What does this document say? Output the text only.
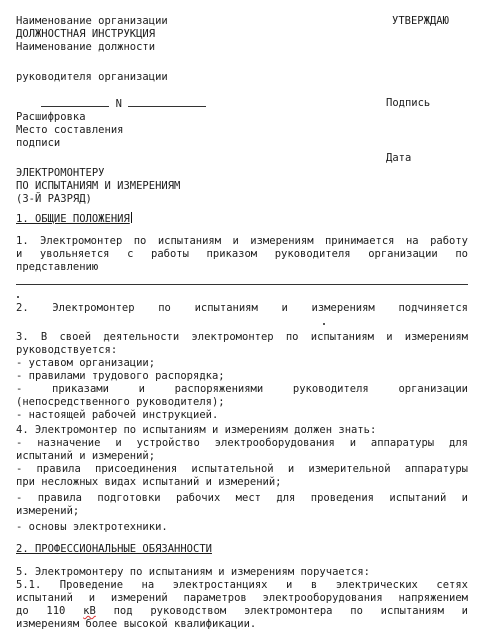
Наименование организации	УТВЕРЖДАЮ
ДОЛЖНОСТНАЯ ИНСТРУКЦИЯ
Наименование должности
руководителя организации

N
	Подпись
Расшифровка
Место составления
подписи
Дата
ЭЛЕКТРОМОНТЕРУ
ПО ИСПЫТАНИЯМ И ИЗМЕРЕНИЯМ
(3-Й РАЗРЯД)
1. ОБЩИЕ ПОЛОЖЕНИЯ
1. Электромонтер по испытаниям и измерениям принимается на работу
и увольняется с работы приказом руководителя организации по
представлению
2. Электромонтер по испытаниям и измерениям подчиняется
3. В своей деятельности электромонтер по испытаниям и измерениям
руководствуется:
- уставом организации;
- правилами трудового распорядка;
- приказами и распоряжениями руководителя организации
(непосредственного руководителя);
- настоящей рабочей инструкцией.
4. Электромонтер по испытаниям и измерениям должен знать:
- назначение и устройство электрооборудования и аппаратуры для
испытаний и измерений;
- правила присоединения испытательной и измерительной аппаратуры
при несложных видах испытаний и измерений;
- правила подготовки рабочих мест для проведения испытаний и
измерений;
- основы электротехники.
2. ПРОФЕССИОНАЛЬНЫЕ ОБЯЗАННОСТИ
5. Электромонтеру по испытаниям и измерениям поручается:
5.1. Проведение на электростанциях и в электрических сетях
испытаний и измерений параметров электрооборудования напряжением
до 110 кВ под руководством электромонтера по испытаниям и
измерениям более высокой квалификации.
